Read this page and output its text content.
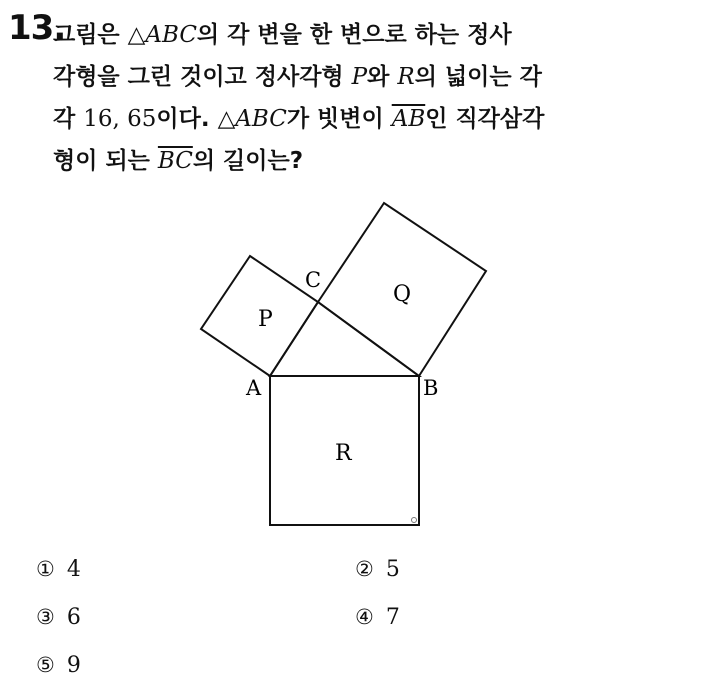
13.
그림은 △ABC의 각 변을 한 변으로 하는 정사
각형을 그린 것이고 정사각형 P와 R의 넓이는 각
각 16, 65이다. △ABC가 빗변이 $\overline{AB}$인 직각삼각
형이 되는 $\overline{BC}$의 길이는?
P
Q
R
A	B
C
① 4	② 5
③ 6	④ 7
⑤ 9
